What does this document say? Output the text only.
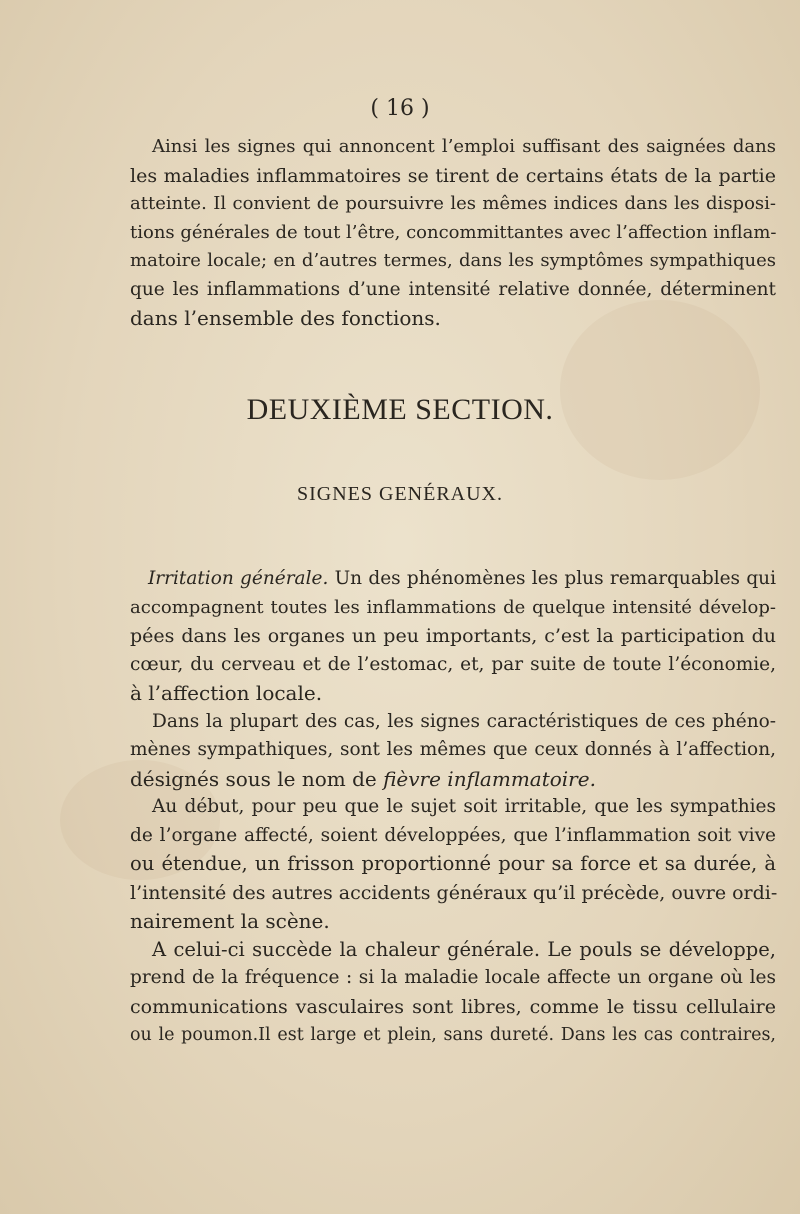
( 16 )
Ainsi les signes qui annoncent l’emploi suffisant des saignées dans
les maladies inflammatoires se tirent de certains états de la partie
atteinte. Il convient de poursuivre les mêmes indices dans les disposi-
tions générales de tout l’être, concommittantes avec l’affection inflam-
matoire locale; en d’autres termes, dans les symptômes sympathiques
que les inflammations d’une intensité relative donnée, déterminent
dans l’ensemble des fonctions.
DEUXIÈME SECTION.
SIGNES GENÉRAUX.
Irritation générale. Un des phénomènes les plus remarquables qui
accompagnent toutes les inflammations de quelque intensité dévelop-
pées dans les organes un peu importants, c’est la participation du
cœur, du cerveau et de l’estomac, et, par suite de toute l’économie,
à l’affection locale.
Dans la plupart des cas, les signes caractéristiques de ces phéno-
mènes sympathiques, sont les mêmes que ceux donnés à l’affection,
désignés sous le nom de fièvre inflammatoire.
Au début, pour peu que le sujet soit irritable, que les sympathies
de l’organe affecté, soient développées, que l’inflammation soit vive
ou étendue, un frisson proportionné pour sa force et sa durée, à
l’intensité des autres accidents généraux qu’il précède, ouvre ordi-
nairement la scène.
A celui-ci succède la chaleur générale. Le pouls se développe,
prend de la fréquence : si la maladie locale affecte un organe où les
communications vasculaires sont libres, comme le tissu cellulaire
ou le poumon.Il est large et plein, sans dureté. Dans les cas contraires,
